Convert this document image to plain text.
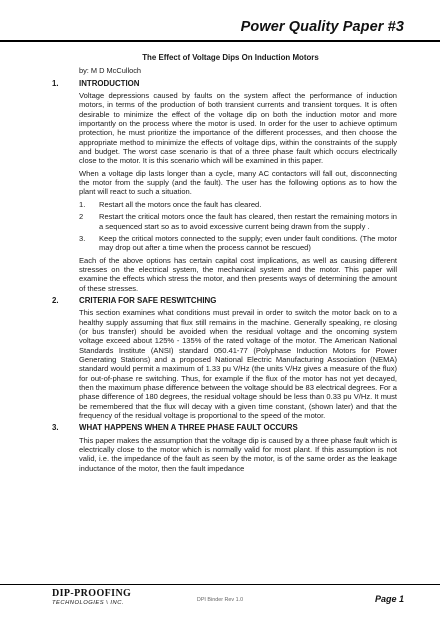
Power Quality Paper #3
The Effect of Voltage Dips On Induction Motors
by: M D McCulloch
1.	INTRODUCTION

Voltage depressions caused by faults on the system affect the performance of induction motors, in terms of the production of both transient currents and transient torques. It is often desirable to minimize the effect of the voltage dip on both the induction motor and more importantly on the process where the motor is used. In order for the user to achieve optimum protection, he must prioritize the importance of the different processes, and then choose the appropriate method to minimize the effects of voltage dips, within the constraints of the supply and budget. The worst case scenario is that of a three phase fault which occurs electrically close to the motor. It is this scenario which will be examined in this paper.

When a voltage dip lasts longer than a cycle, many AC contactors will fall out, disconnecting the motor from the supply (and the fault). The user has the following options as to how the plant will react to such a situation.

1.	Restart all the motors once the fault has cleared.
2	Restart the critical motors once the fault has cleared, then restart the remaining motors in a sequenced start so as to avoid excessive current being drawn from the supply .
3.	Keep the critical motors connected to the supply; even under fault conditions. (The motor may drop out after a time when the process cannot be rescued)

Each of the above options has certain capital cost implications, as well as causing different stresses on the electrical system, the mechanical system and the motor. This paper will examine the effects which stress the motor, and then presents ways of determining the amount of these stresses.

2.	CRITERIA FOR SAFE RESWITCHING

This section examines what conditions must prevail in order to switch the motor back on to a healthy supply assuming that flux still remains in the machine. Generally speaking, re closing (or bus transfer) should be avoided when the residual voltage and the oncoming system voltage exceed about 125% - 135% of the rated voltage of the motor. The American National Standards Institute (ANSI) standard 050.41-77 (Polyphase Induction Motors for Power Generating Stations) and a proposed National Electric Manufacturing Association (NEMA) standard would permit a maximum of 1.33 pu V/Hz (the units V/Hz gives a measure of the flux) for out-of-phase re switching. Thus, for example if the flux of the motor has not yet decayed, then the maximum phase difference between the voltage should be 83 electrical degrees. For a phase difference of 180 degrees, the residual voltage should be less than 0.33 pu V/Hz. It must be remembered that the flux will decay with a given time constant, (shown later) and that the frequency of the residual voltage is proportional to the speed of the motor.

3.	WHAT HAPPENS WHEN A THREE PHASE FAULT OCCURS

This paper makes the assumption that the voltage dip is caused by a three phase fault which is electrically close to the motor which is normally valid for most plant. If this assumption is not valid, i.e. the impedance of the fault as seen by the motor, is of the same order as the leakage inductance of the motor, then the fault impedance

DIP-PROOFING
TECHNOLOGIES \ INC.	DPI Binder Rev 1.0	Page 1
